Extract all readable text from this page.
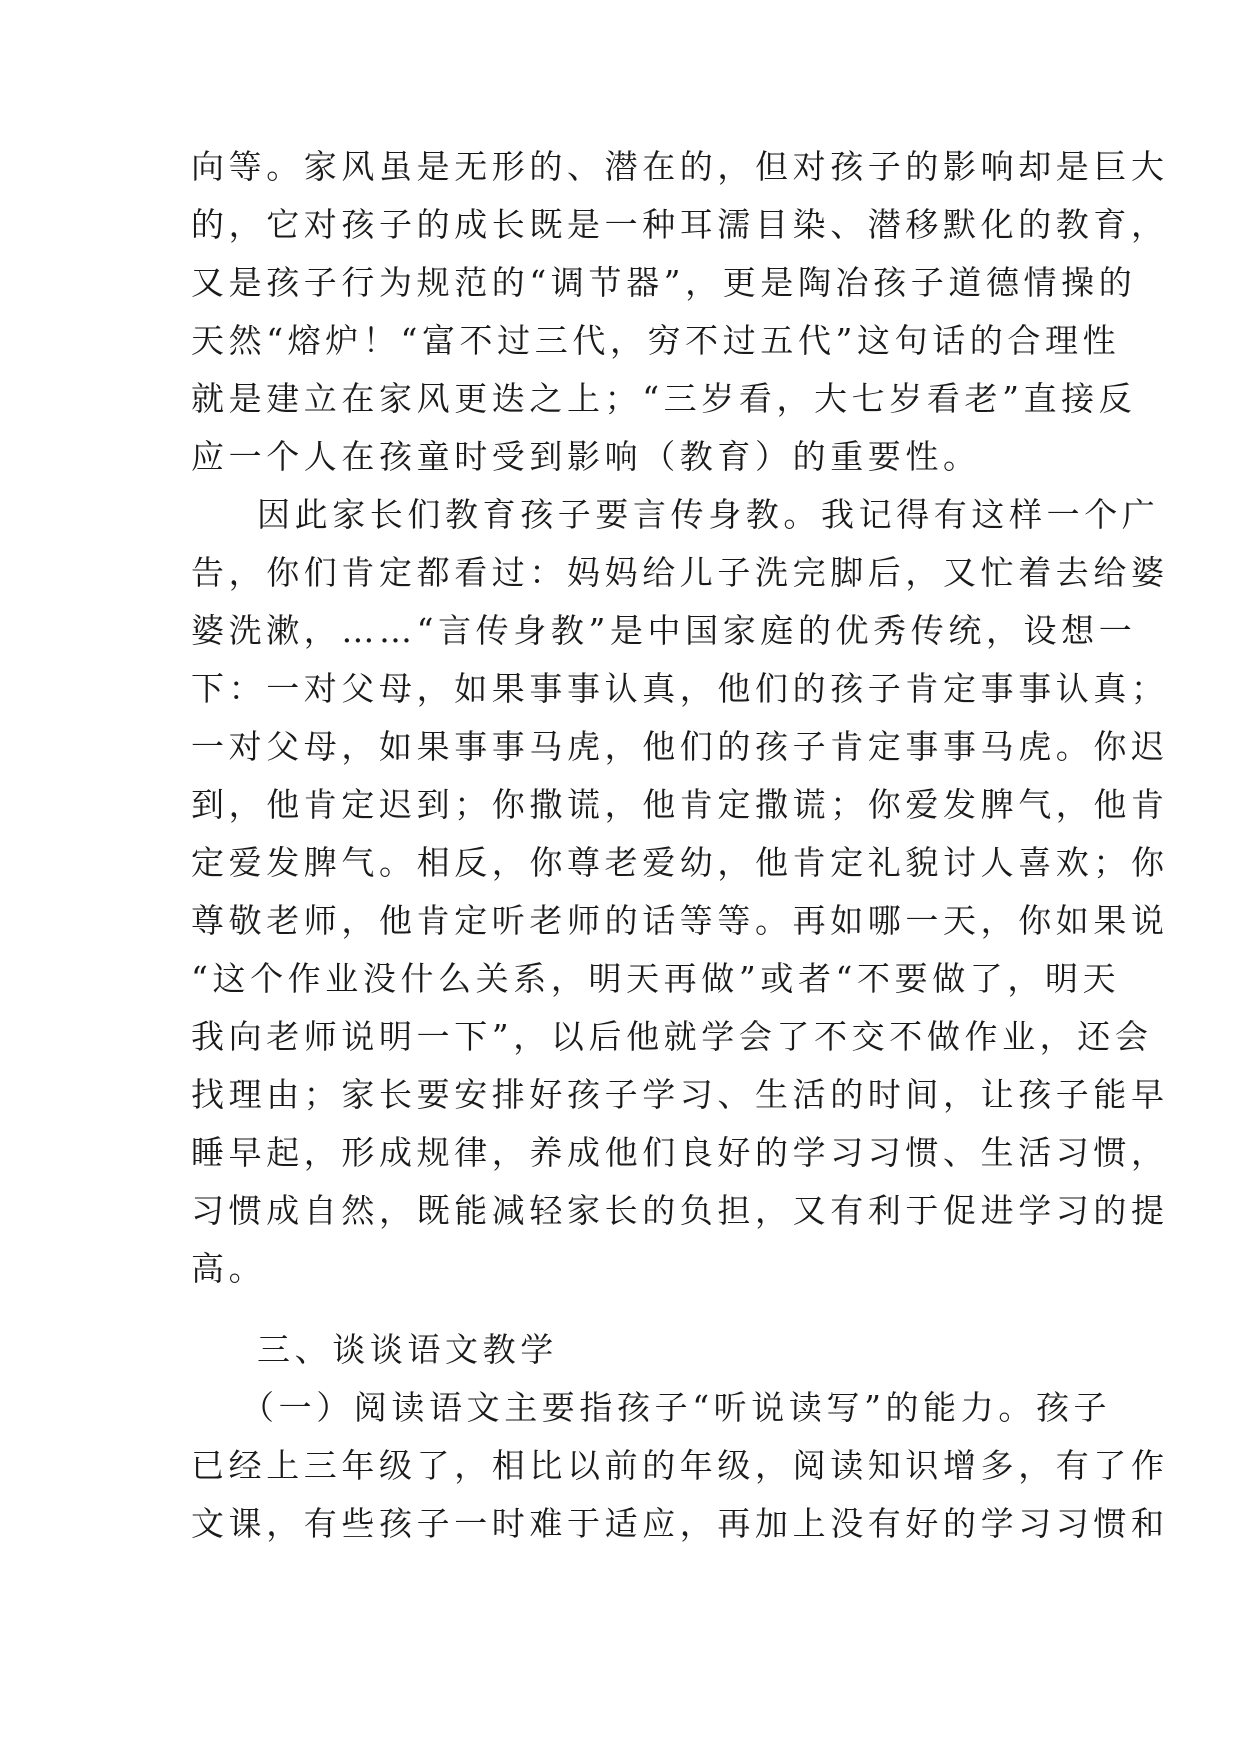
向等。家风虽是无形的、潜在的，但对孩子的影响却是巨大
的，它对孩子的成长既是一种耳濡目染、潜移默化的教育，
又是孩子行为规范的“调节器”，更是陶冶孩子道德情操的
天然“熔炉！“富不过三代，穷不过五代”这句话的合理性
就是建立在家风更迭之上；“三岁看，大七岁看老”直接反
应一个人在孩童时受到影响（教育）的重要性。
因此家长们教育孩子要言传身教。我记得有这样一个广
告，你们肯定都看过：妈妈给儿子洗完脚后，又忙着去给婆
婆洗漱，……“言传身教”是中国家庭的优秀传统，设想一
下：一对父母，如果事事认真，他们的孩子肯定事事认真；
一对父母，如果事事马虎，他们的孩子肯定事事马虎。你迟
到，他肯定迟到；你撒谎，他肯定撒谎；你爱发脾气，他肯
定爱发脾气。相反，你尊老爱幼，他肯定礼貌讨人喜欢；你
尊敬老师，他肯定听老师的话等等。再如哪一天，你如果说
“这个作业没什么关系，明天再做”或者“不要做了，明天
我向老师说明一下”，以后他就学会了不交不做作业，还会
找理由；家长要安排好孩子学习、生活的时间，让孩子能早
睡早起，形成规律，养成他们良好的学习习惯、生活习惯，
习惯成自然，既能减轻家长的负担，又有利于促进学习的提
高。
三、谈谈语文教学
（一）阅读语文主要指孩子“听说读写”的能力。孩子
已经上三年级了，相比以前的年级，阅读知识增多，有了作
文课，有些孩子一时难于适应，再加上没有好的学习习惯和
